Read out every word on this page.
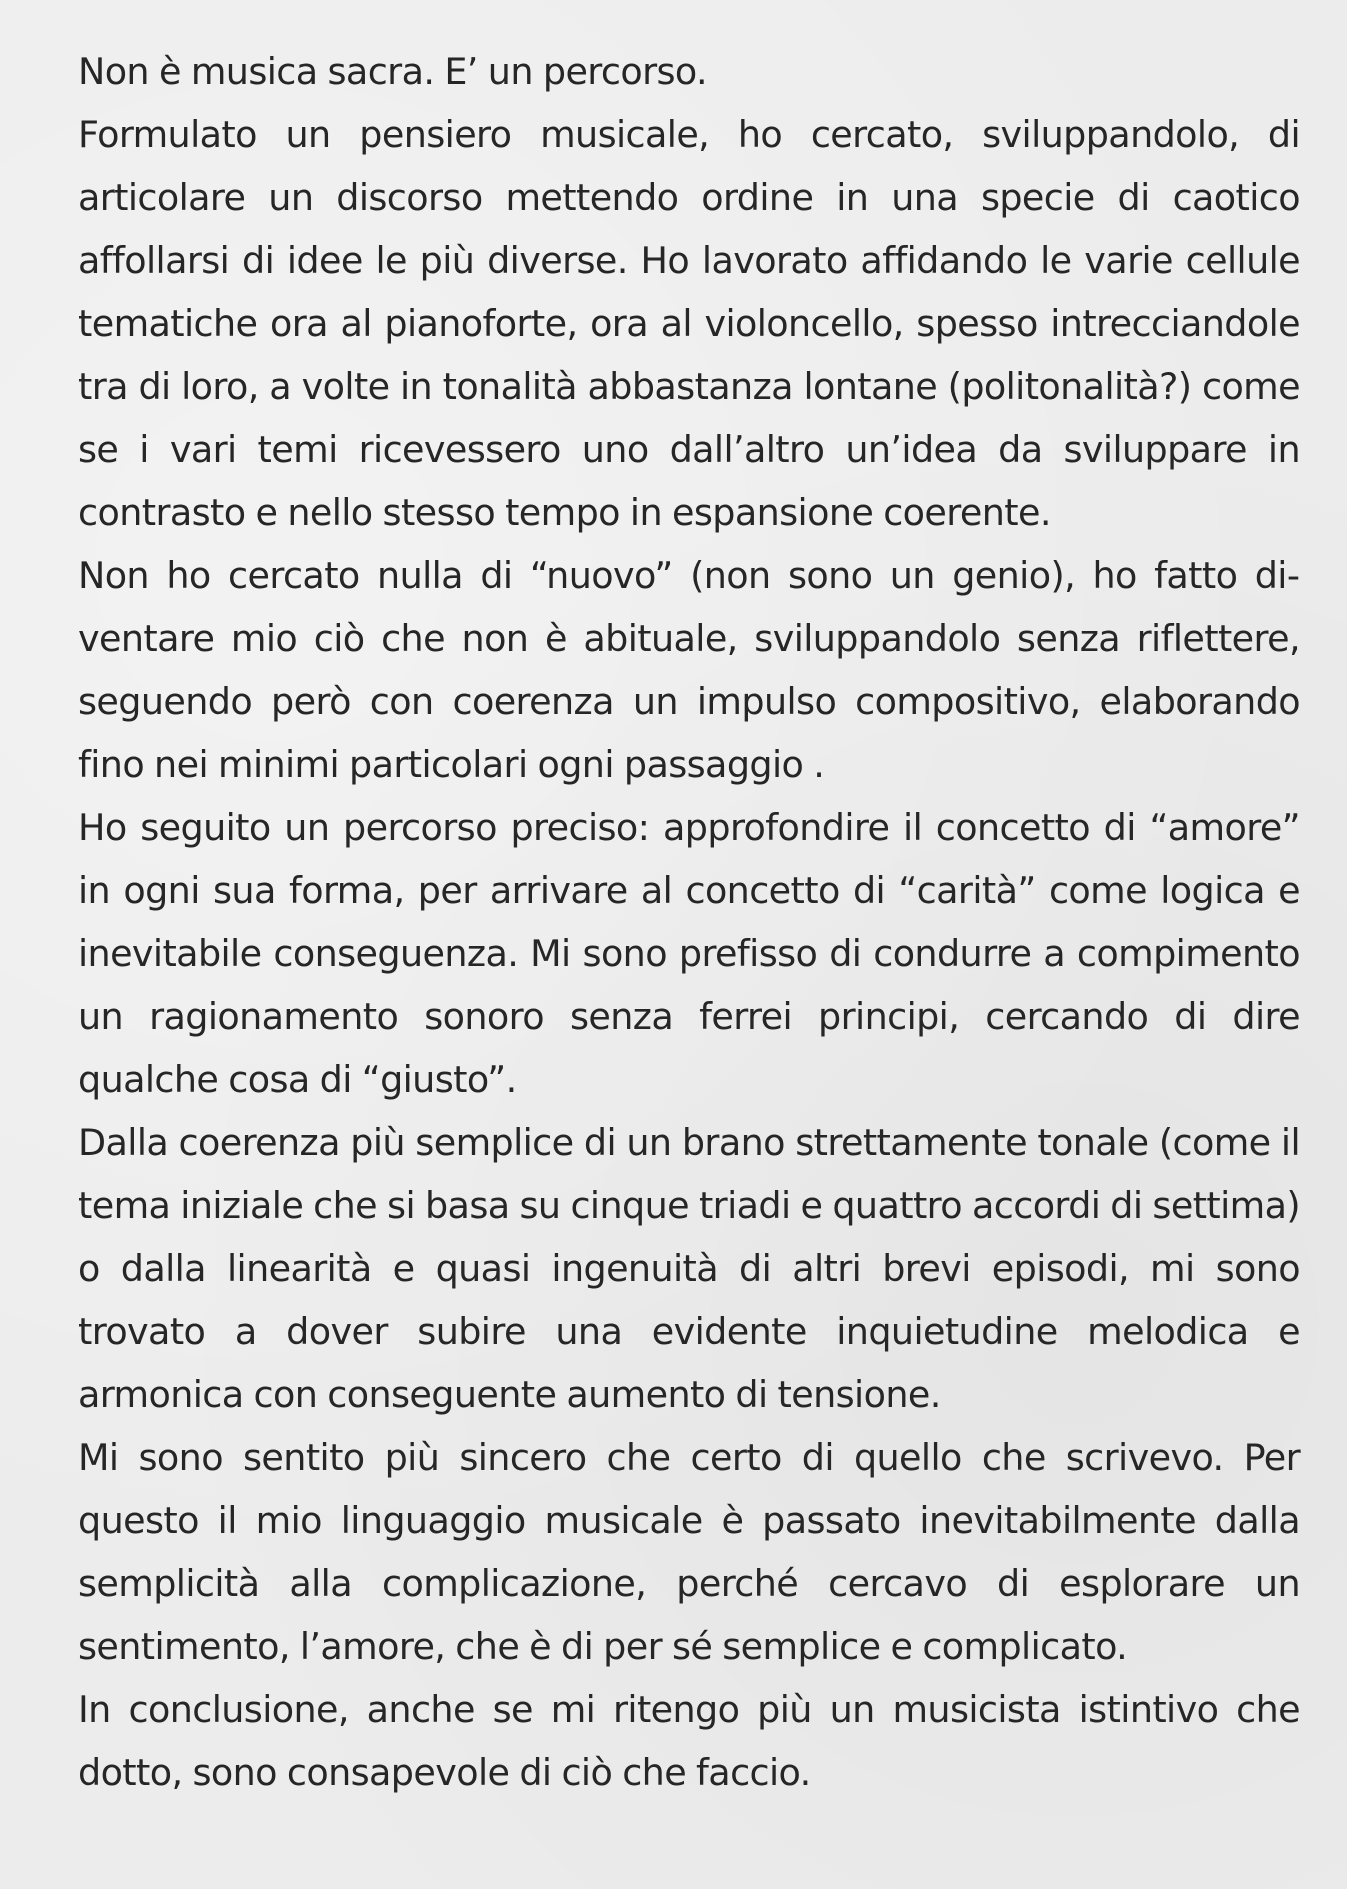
Non è musica sacra. E’ un percorso.

Formulato un pensiero musicale, ho cercato, sviluppandolo, di articolare un discorso mettendo ordine in una specie di caotico affollarsi di idee le più diverse. Ho lavorato affidando le varie cellule tematiche ora al pianoforte, ora al violoncello, spesso intrecciandole tra di loro, a volte in tonalità abbastanza lontane (politonalità?) come se i vari temi ricevessero uno dall’altro un’idea da sviluppare in contrasto e nello stesso tempo in espansione coerente.

Non ho cercato nulla di “nuovo” (non sono un genio), ho fatto diventare mio ciò che non è abituale, sviluppandolo senza riflettere, seguendo però con coerenza un impulso compositivo, elaborando fino nei minimi particolari ogni passaggio .

Ho seguito un percorso preciso: approfondire il concetto di “amore” in ogni sua forma, per arrivare al concetto di “carità” come logica e inevitabile conseguenza. Mi sono prefisso di condurre a compimento un ragionamento sonoro senza ferrei principi, cercando di dire qualche cosa di “giusto”.

Dalla coerenza più semplice di un brano strettamente tonale (come il tema iniziale che si basa su cinque triadi e quattro accordi di settima) o dalla linearità e quasi ingenuità di altri brevi episodi, mi sono trovato a dover subire una evidente inquietudine melodica e armonica con conseguente aumento di tensione.

Mi sono sentito più sincero che certo di quello che scrivevo. Per questo il mio linguaggio musicale è passato inevitabilmente dalla semplicità alla complicazione, perché cercavo di esplorare un sentimento, l’amore, che è di per sé semplice e complicato.

In conclusione, anche se mi ritengo più un musicista istintivo che dotto, sono consapevole di ciò che faccio.
